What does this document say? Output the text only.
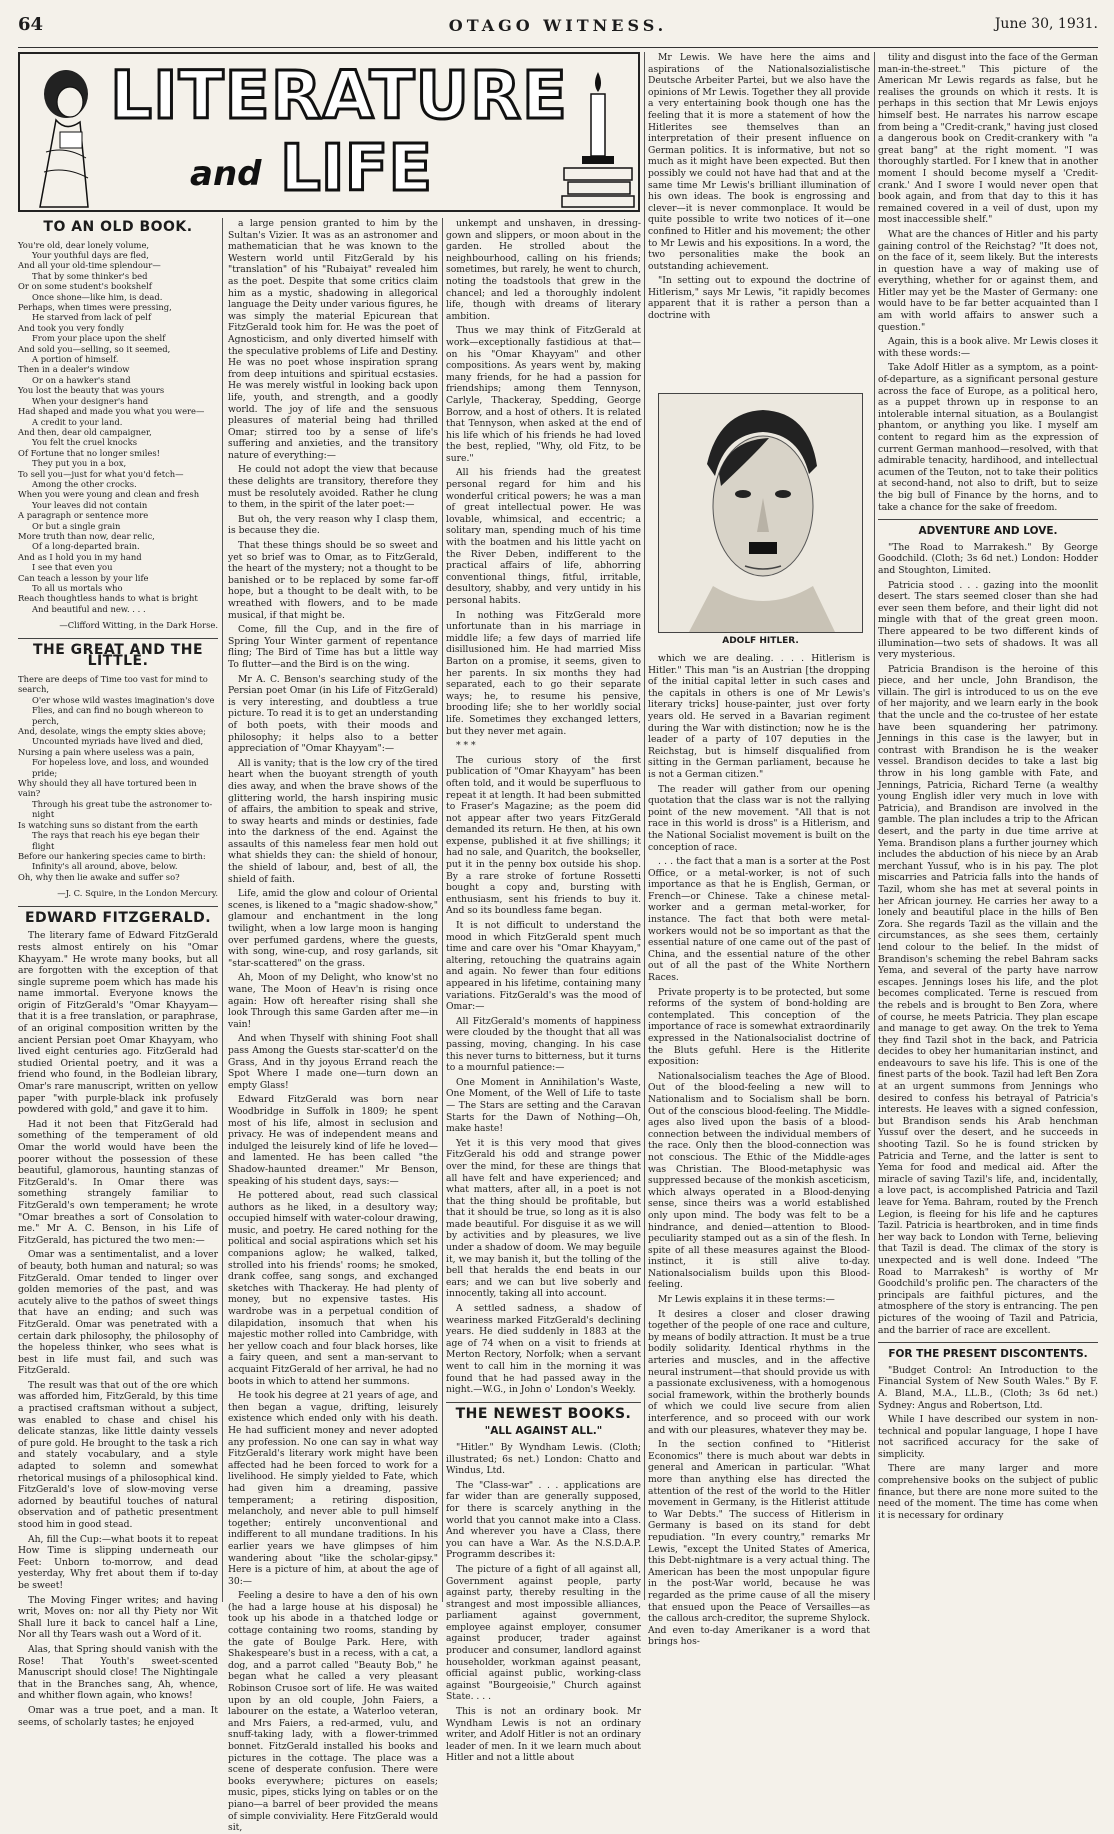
64	OTAGO WITNESS.	June 30, 1931.
LITERATURE
and LIFE
TO AN OLD BOOK.

You're old, dear lonely volume,

Your youthful days are fled,

And all your old-time splendour—

That by some thinker's bed

Or on some student's bookshelf

Once shone—like him, is dead.

Perhaps, when times were pressing,

He starved from lack of pelf

And took you very fondly

From your place upon the shelf

And sold you—selling, so it seemed,

A portion of himself.

Then in a dealer's window

Or on a hawker's stand

You lost the beauty that was yours

When your designer's hand

Had shaped and made you what you were—

A credit to your land.

And then, dear old campaigner,

You felt the cruel knocks

Of Fortune that no longer smiles!

They put you in a box,

To sell you—just for what you'd fetch—

Among the other crocks.

When you were young and clean and fresh

Your leaves did not contain

A paragraph or sentence more

Or but a single grain

More truth than now, dear relic,

Of a long-departed brain.

And as I hold you in my hand

I see that even you

Can teach a lesson by your life

To all us mortals who

Reach thoughtless hands to what is bright

And beautiful and new. . . .

—Clifford Witting, in the Dark Horse.
THE GREAT AND THE LITTLE.

There are deeps of Time too vast for mind to search,

O'er whose wild wastes imagination's dove Flies, and can find no bough whereon to perch,

And, desolate, wings the empty skies above;

Uncounted myriads have lived and died,

Nursing a pain where useless was a pain,

For hopeless love, and loss, and wounded pride;

Why should they all have tortured been in vain?

Through his great tube the astronomer to-night

Is watching suns so distant from the earth

The rays that reach his eye began their flight

Before our hankering species came to birth:

Infinity's all around, above, below.

Oh, why then lie awake and suffer so?

—J. C. Squire, in the London Mercury.
EDWARD FITZGERALD.

The literary fame of Edward FitzGerald rests almost entirely on his "Omar Khayyam." He wrote many books, but all are forgotten with the exception of that single supreme poem which has made his name immortal. Everyone knows the origin of FitzGerald's "Omar Khayyam—that it is a free translation, or paraphrase, of an original composition written by the ancient Persian poet Omar Khayyam, who lived eight centuries ago. FitzGerald had studied Oriental poetry, and it was a friend who found, in the Bodleian library, Omar's rare manuscript, written on yellow paper "with purple-black ink profusely powdered with gold," and gave it to him.

Had it not been that FitzGerald had something of the temperament of old Omar the world would have been the poorer without the possession of these beautiful, glamorous, haunting stanzas of FitzGerald's. In Omar there was something strangely familiar to FitzGerald's own temperament; he wrote "Omar breathes a sort of Consolation to me." Mr A. C. Benson, in his Life of FitzGerald, has pictured the two men:—

Omar was a sentimentalist, and a lover of beauty, both human and natural; so was FitzGerald. Omar tended to linger over golden memories of the past, and was acutely alive to the pathos of sweet things that have an ending; and such was FitzGerald. Omar was penetrated with a certain dark philosophy, the philosophy of the hopeless thinker, who sees what is best in life must fail, and such was FitzGerald.

The result was that out of the ore which was afforded him, FitzGerald, by this time a practised craftsman without a subject, was enabled to chase and chisel his delicate stanzas, like little dainty vessels of pure gold. He brought to the task a rich and stately vocabulary, and a style adapted to solemn and somewhat rhetorical musings of a philosophical kind. FitzGerald's love of slow-moving verse adorned by beautiful touches of natural observation and of pathetic presentment stood him in good stead.

Ah, fill the Cup:—what boots it to repeat How Time is slipping underneath our Feet: Unborn to-morrow, and dead yesterday, Why fret about them if to-day be sweet!

The Moving Finger writes; and having writ, Moves on: nor all thy Piety nor Wit Shall lure it back to cancel half a Line, Nor all thy Tears wash out a Word of it.

Alas, that Spring should vanish with the Rose! That Youth's sweet-scented Manuscript should close! The Nightingale that in the Branches sang, Ah, whence, and whither flown again, who knows!

Omar was a true poet, and a man. It seems, of scholarly tastes; he enjoyed

a large pension granted to him by the Sultan's Vizier. It was as an astronomer and mathematician that he was known to the Western world until FitzGerald by his "translation" of his "Rubaiyat" revealed him as the poet. Despite that some critics claim him as a mystic, shadowing in allegorical language the Deity under various figures, he was simply the material Epicurean that FitzGerald took him for. He was the poet of Agnosticism, and only diverted himself with the speculative problems of Life and Destiny. He was no poet whose inspiration sprang from deep intuitions and spiritual ecstasies. He was merely wistful in looking back upon life, youth, and strength, and a goodly world. The joy of life and the sensuous pleasures of material being had thrilled Omar; stirred too by a sense of life's suffering and anxieties, and the transitory nature of everything:—

He could not adopt the view that because these delights are transitory, therefore they must be resolutely avoided. Rather he clung to them, in the spirit of the later poet:—

But oh, the very reason why I clasp them, is because they die.

That these things should be so sweet and yet so brief was to Omar, as to FitzGerald, the heart of the mystery; not a thought to be banished or to be replaced by some far-off hope, but a thought to be dealt with, to be wreathed with flowers, and to be made musical, if that might be.

Come, fill the Cup, and in the fire of Spring Your Winter garment of repentance fling; The Bird of Time has but a little way To flutter—and the Bird is on the wing.

Mr A. C. Benson's searching study of the Persian poet Omar (in his Life of FitzGerald) is very interesting, and doubtless a true picture. To read it is to get an understanding of both poets, with their moods and philosophy; it helps also to a better appreciation of "Omar Khayyam":—

All is vanity; that is the low cry of the tired heart when the buoyant strength of youth dies away, and when the brave shows of the glittering world, the harsh inspiring music of affairs, the ambition to speak and strive, to sway hearts and minds or destinies, fade into the darkness of the end. Against the assaults of this nameless fear men hold out what shields they can: the shield of honour, the shield of labour, and, best of all, the shield of faith.

Life, amid the glow and colour of Oriental scenes, is likened to a "magic shadow-show," glamour and enchantment in the long twilight, when a low large moon is hanging over perfumed gardens, where the guests, with song, wine-cup, and rosy garlands, sit "star-scattered" on the grass.

Ah, Moon of my Delight, who know'st no wane, The Moon of Heav'n is rising once again: How oft hereafter rising shall she look Through this same Garden after me—in vain!

And when Thyself with shining Foot shall pass Among the Guests star-scatter'd on the Grass, And in thy joyous Errand reach the Spot Where I made one—turn down an empty Glass!

Edward FitzGerald was born near Woodbridge in Suffolk in 1809; he spent most of his life, almost in seclusion and privacy. He was of independent means and indulged the leisurely kind of life he loved—and lamented. He has been called "the Shadow-haunted dreamer." Mr Benson, speaking of his student days, says:—

He pottered about, read such classical authors as he liked, in a desultory way; occupied himself with water-colour drawing, music, and poetry. He cared nothing for the political and social aspirations which set his companions aglow; he walked, talked, strolled into his friends' rooms; he smoked, drank coffee, sang songs, and exchanged sketches with Thackeray. He had plenty of money, but no expensive tastes. His wardrobe was in a perpetual condition of dilapidation, insomuch that when his majestic mother rolled into Cambridge, with her yellow coach and four black horses, like a fairy queen, and sent a man-servant to acquaint FitzGerald of her arrival, he had no boots in which to attend her summons.

He took his degree at 21 years of age, and then began a vague, drifting, leisurely existence which ended only with his death. He had sufficient money and never adopted any profession. No one can say in what way FitzGerald's literary work might have been affected had he been forced to work for a livelihood. He simply yielded to Fate, which had given him a dreaming, passive temperament; a retiring disposition, melancholy, and never able to pull himself together; entirely unconventional and indifferent to all mundane traditions. In his earlier years we have glimpses of him wandering about "like the scholar-gipsy." Here is a picture of him, at about the age of 30:—

Feeling a desire to have a den of his own (he had a large house at his disposal) he took up his abode in a thatched lodge or cottage containing two rooms, standing by the gate of Boulge Park. Here, with Shakespeare's bust in a recess, with a cat, a dog, and a parrot called "Beauty Bob," he began what he called a very pleasant Robinson Crusoe sort of life. He was waited upon by an old couple, John Faiers, a labourer on the estate, a Waterloo veteran, and Mrs Faiers, a red-armed, vulu, and snuff-taking lady, with a flower-trimmed bonnet. FitzGerald installed his books and pictures in the cottage. The place was a scene of desperate confusion. There were books everywhere; pictures on easels; music, pipes, sticks lying on tables or on the piano—a barrel of beer provided the means of simple conviviality. Here FitzGerald would sit,

unkempt and unshaven, in dressing-gown and slippers, or moon about in the garden. He strolled about the neighbourhood, calling on his friends; sometimes, but rarely, he went to church, noting the toadstools that grew in the chancel; and led a thoroughly indolent life, though with dreams of literary ambition.

Thus we may think of FitzGerald at work—exceptionally fastidious at that—on his "Omar Khayyam" and other compositions. As years went by, making many friends, for he had a passion for friendships; among them Tennyson, Carlyle, Thackeray, Spedding, George Borrow, and a host of others. It is related that Tennyson, when asked at the end of his life which of his friends he had loved the best, replied, "Why, old Fitz, to be sure."

All his friends had the greatest personal regard for him and his wonderful critical powers; he was a man of great intellectual power. He was lovable, whimsical, and eccentric; a solitary man, spending much of his time with the boatmen and his little yacht on the River Deben, indifferent to the practical affairs of life, abhorring conventional things, fitful, irritable, desultory, shabby, and very untidy in his personal habits.

In nothing was FitzGerald more unfortunate than in his marriage in middle life; a few days of married life disillusioned him. He had married Miss Barton on a promise, it seems, given to her parents. In six months they had separated, each to go their separate ways; he, to resume his pensive, brooding life; she to her worldly social life. Sometimes they exchanged letters, but they never met again.

* * *

The curious story of the first publication of "Omar Khayyam" has been often told, and it would be superfluous to repeat it at length. It had been submitted to Fraser's Magazine; as the poem did not appear after two years FitzGerald demanded its return. He then, at his own expense, published it at five shillings; it had no sale, and Quaritch, the bookseller, put it in the penny box outside his shop. By a rare stroke of fortune Rossetti bought a copy and, bursting with enthusiasm, sent his friends to buy it. And so its boundless fame began.

It is not difficult to understand the mood in which FitzGerald spent much time and care over his "Omar Khayyam," altering, retouching the quatrains again and again. No fewer than four editions appeared in his lifetime, containing many variations. FitzGerald's was the mood of Omar:—

All FitzGerald's moments of happiness were clouded by the thought that all was passing, moving, changing. In his case this never turns to bitterness, but it turns to a mournful patience:—

One Moment in Annihilation's Waste, One Moment, of the Well of Life to taste— The Stars are setting and the Caravan Starts for the Dawn of Nothing—Oh, make haste!

Yet it is this very mood that gives FitzGerald his odd and strange power over the mind, for these are things that all have felt and have experienced; and what matters, after all, in a poet is not that the thing should be profitable, but that it should be true, so long as it is also made beautiful. For disguise it as we will by activities and by pleasures, we live under a shadow of doom. We may beguile it, we may banish it, but the tolling of the bell that heralds the end beats in our ears; and we can but live soberly and innocently, taking all into account.

A settled sadness, a shadow of weariness marked FitzGerald's declining years. He died suddenly in 1883 at the age of 74 when on a visit to friends at Merton Rectory, Norfolk; when a servant went to call him in the morning it was found that he had passed away in the night.—W.G., in John o' London's Weekly.

THE NEWEST BOOKS.
"ALL AGAINST ALL."

"Hitler." By Wyndham Lewis. (Cloth; illustrated; 6s net.) London: Chatto and Windus, Ltd.

The "Class-war" . . . applications are far wider than are generally supposed, for there is scarcely anything in the world that you cannot make into a Class. And wherever you have a Class, there you can have a War. As the N.S.D.A.P. Programm describes it:

The picture of a fight of all against all, Government against people, party against party, thereby resulting in the strangest and most impossible alliances, parliament against government, employee against employer, consumer against producer, trader against producer and consumer, landlord against householder, workman against peasant, official against public, working-class against "Bourgeoisie," Church against State. . . .

This is not an ordinary book. Mr Wyndham Lewis is not an ordinary writer, and Adolf Hitler is not an ordinary leader of men. In it we learn much about Hitler and not a little about

Mr Lewis. We have here the aims and aspirations of the Nationalsozialistische Deutsche Arbeiter Partei, but we also have the opinions of Mr Lewis. Together they all provide a very entertaining book though one has the feeling that it is more a statement of how the Hitlerites see themselves than an interpretation of their present influence on German politics. It is informative, but not so much as it might have been expected. But then possibly we could not have had that and at the same time Mr Lewis's brilliant illumination of his own ideas. The book is engrossing and clever—it is never commonplace. It would be quite possible to write two notices of it—one confined to Hitler and his movement; the other to Mr Lewis and his expositions. In a word, the two personalities make the book an outstanding achievement.

"In setting out to expound the doctrine of Hitlerism," says Mr Lewis, "it rapidly becomes apparent that it is rather a person than a doctrine with

ADOLF HITLER.

which we are dealing. . . . Hitlerism is Hitler." This man "is an Austrian [the dropping of the initial capital letter in such cases and the capitals in others is one of Mr Lewis's literary tricks] house-painter, just over forty years old. He served in a Bavarian regiment during the War with distinction; now he is the leader of a party of 107 deputies in the Reichstag, but is himself disqualified from sitting in the German parliament, because he is not a German citizen."

The reader will gather from our opening quotation that the class war is not the rallying point of the new movement. "All that is not race in this world is dross" is a Hitlerism, and the National Socialist movement is built on the conception of race.

. . . the fact that a man is a sorter at the Post Office, or a metal-worker, is not of such importance as that he is English, German, or French—or Chinese. Take a chinese metal-worker and a german metal-worker, for instance. The fact that both were metal-workers would not be so important as that the essential nature of one came out of the past of China, and the essential nature of the other out of all the past of the White Northern Races.

Private property is to be protected, but some reforms of the system of bond-holding are contemplated. This conception of the importance of race is somewhat extraordinarily expressed in the Nationalsocialist doctrine of the Bluts gefuhl. Here is the Hitlerite exposition:

Nationalsocialism teaches the Age of Blood. Out of the blood-feeling a new will to Nationalism and to Socialism shall be born. Out of the conscious blood-feeling. The Middle-ages also lived upon the basis of a blood-connection between the individual members of the race. Only then the blood-connection was not conscious. The Ethic of the Middle-ages was Christian. The Blood-metaphysic was suppressed because of the monkish asceticism, which always operated in a Blood-denying sense, since theirs was a world established only upon mind. The body was felt to be a hindrance, and denied—attention to Blood-peculiarity stamped out as a sin of the flesh. In spite of all these measures against the Blood-instinct, it is still alive to-day. Nationalsocialism builds upon this Blood-feeling.

Mr Lewis explains it in these terms:—

It desires a closer and closer drawing together of the people of one race and culture, by means of bodily attraction. It must be a true bodily solidarity. Identical rhythms in the arteries and muscles, and in the affective neural instrument—that should provide us with a passionate exclusiveness, with a homogenous social framework, within the brotherly bounds of which we could live secure from alien interference, and so proceed with our work and with our pleasures, whatever they may be.

In the section confined to "Hitlerist Economics" there is much about war debts in general and American in particular. "What more than anything else has directed the attention of the rest of the world to the Hitler movement in Germany, is the Hitlerist attitude to War Debts." The success of Hitlerism in Germany is based on its stand for debt repudiation. "In every country," remarks Mr Lewis, "except the United States of America, this Debt-nightmare is a very actual thing. The American has been the most unpopular figure in the post-War world, because he was regarded as the prime cause of all the misery that ensued upon the Peace of Versailles—as the callous arch-creditor, the supreme Shylock. And even to-day Amerikaner is a word that brings hos-

tility and disgust into the face of the German man-in-the-street." This picture of the American Mr Lewis regards as false, but he realises the grounds on which it rests. It is perhaps in this section that Mr Lewis enjoys himself best. He narrates his narrow escape from being a "Credit-crank," having just closed a dangerous book on Credit-crankery with "a great bang" at the right moment. "I was thoroughly startled. For I knew that in another moment I should become myself a 'Credit-crank.' And I swore I would never open that book again, and from that day to this it has remained covered in a veil of dust, upon my most inaccessible shelf."

What are the chances of Hitler and his party gaining control of the Reichstag? "It does not, on the face of it, seem likely. But the interests in question have a way of making use of everything, whether for or against them, and Hitler may yet be the Master of Germany: one would have to be far better acquainted than I am with world affairs to answer such a question."

Again, this is a book alive. Mr Lewis closes it with these words:—

Take Adolf Hitler as a symptom, as a point-of-departure, as a significant personal gesture across the face of Europe, as a political hero, as a puppet thrown up in response to an intolerable internal situation, as a Boulangist phantom, or anything you like. I myself am content to regard him as the expression of current German manhood—resolved, with that admirable tenacity, hardihood, and intellectual acumen of the Teuton, not to take their politics at second-hand, not also to drift, but to seize the big bull of Finance by the horns, and to take a chance for the sake of freedom.

ADVENTURE AND LOVE.

"The Road to Marrakesh." By George Goodchild. (Cloth; 3s 6d net.) London: Hodder and Stoughton, Limited.

Patricia stood . . . gazing into the moonlit desert. The stars seemed closer than she had ever seen them before, and their light did not mingle with that of the great green moon. There appeared to be two different kinds of illumination—two sets of shadows. It was all very mysterious.

Patricia Brandison is the heroine of this piece, and her uncle, John Brandison, the villain. The girl is introduced to us on the eve of her majority, and we learn early in the book that the uncle and the co-trustee of her estate have been squandering her patrimony. Jennings in this case is the lawyer, but in contrast with Brandison he is the weaker vessel. Brandison decides to take a last big throw in his long gamble with Fate, and Jennings, Patricia, Richard Terne (a wealthy young English idler very much in love with Patricia), and Brandison are involved in the gamble. The plan includes a trip to the African desert, and the party in due time arrive at Yema. Brandison plans a further journey which includes the abduction of his niece by an Arab merchant Yussuf, who is in his pay. The plot miscarries and Patricia falls into the hands of Tazil, whom she has met at several points in her African journey. He carries her away to a lonely and beautiful place in the hills of Ben Zora. She regards Tazil as the villain and the circumstances, as she sees them, certainly lend colour to the belief. In the midst of Brandison's scheming the rebel Bahram sacks Yema, and several of the party have narrow escapes. Jennings loses his life, and the plot becomes complicated. Terne is rescued from the rebels and is brought to Ben Zora, where of course, he meets Patricia. They plan escape and manage to get away. On the trek to Yema they find Tazil shot in the back, and Patricia decides to obey her humanitarian instinct, and endeavours to save his life. This is one of the finest parts of the book. Tazil had left Ben Zora at an urgent summons from Jennings who desired to confess his betrayal of Patricia's interests. He leaves with a signed confession, but Brandison sends his Arab henchman Yussuf over the desert, and he succeeds in shooting Tazil. So he is found stricken by Patricia and Terne, and the latter is sent to Yema for food and medical aid. After the miracle of saving Tazil's life, and, incidentally, a love pact, is accomplished Patricia and Tazil leave for Yema. Bahram, routed by the French Legion, is fleeing for his life and he captures Tazil. Patricia is heartbroken, and in time finds her way back to London with Terne, believing that Tazil is dead. The climax of the story is unexpected and is well done. Indeed "The Road to Marrakesh" is worthy of Mr Goodchild's prolific pen. The characters of the principals are faithful pictures, and the atmosphere of the story is entrancing. The pen pictures of the wooing of Tazil and Patricia, and the barrier of race are excellent.

FOR THE PRESENT DISCONTENTS.

"Budget Control: An Introduction to the Financial System of New South Wales." By F. A. Bland, M.A., LL.B., (Cloth; 3s 6d net.) Sydney: Angus and Robertson, Ltd.

While I have described our system in non-technical and popular language, I hope I have not sacrificed accuracy for the sake of simplicity.

There are many larger and more comprehensive books on the subject of public finance, but there are none more suited to the need of the moment. The time has come when it is necessary for ordinary
